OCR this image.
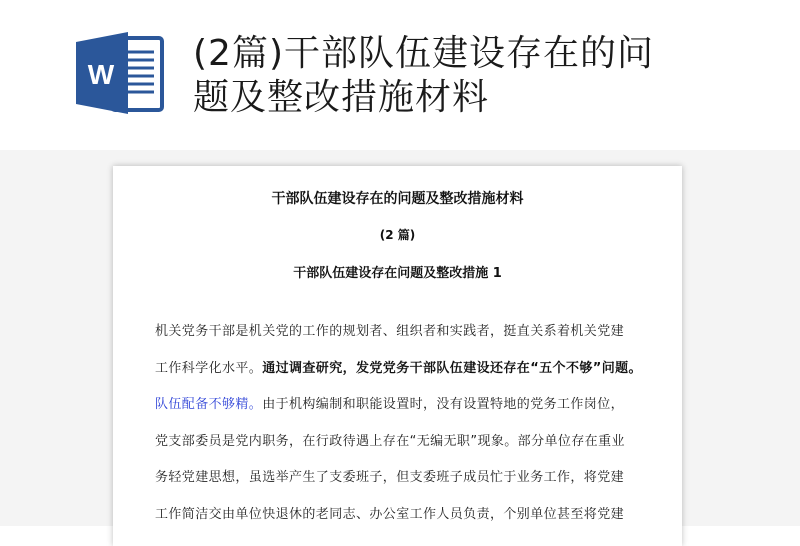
W
(2篇)干部队伍建设存在的问
题及整改措施材料
干部队伍建设存在的问题及整改措施材料
(2 篇)
干部队伍建设存在问题及整改措施 1
机关党务干部是机关党的工作的规划者、组织者和实践者，挺直关系着机关党建
工作科学化水平。通过调查研究，发党党务干部队伍建设还存在“五个不够”问题。
队伍配备不够精。由于机构编制和职能设置时，没有设置特地的党务工作岗位，
党支部委员是党内职务，在行政待遇上存在“无编无职”现象。部分单位存在重业
务轻党建思想，虽选举产生了支委班子，但支委班子成员忙于业务工作，将党建
工作简洁交由单位快退休的老同志、办公室工作人员负责，个别单位甚至将党建
